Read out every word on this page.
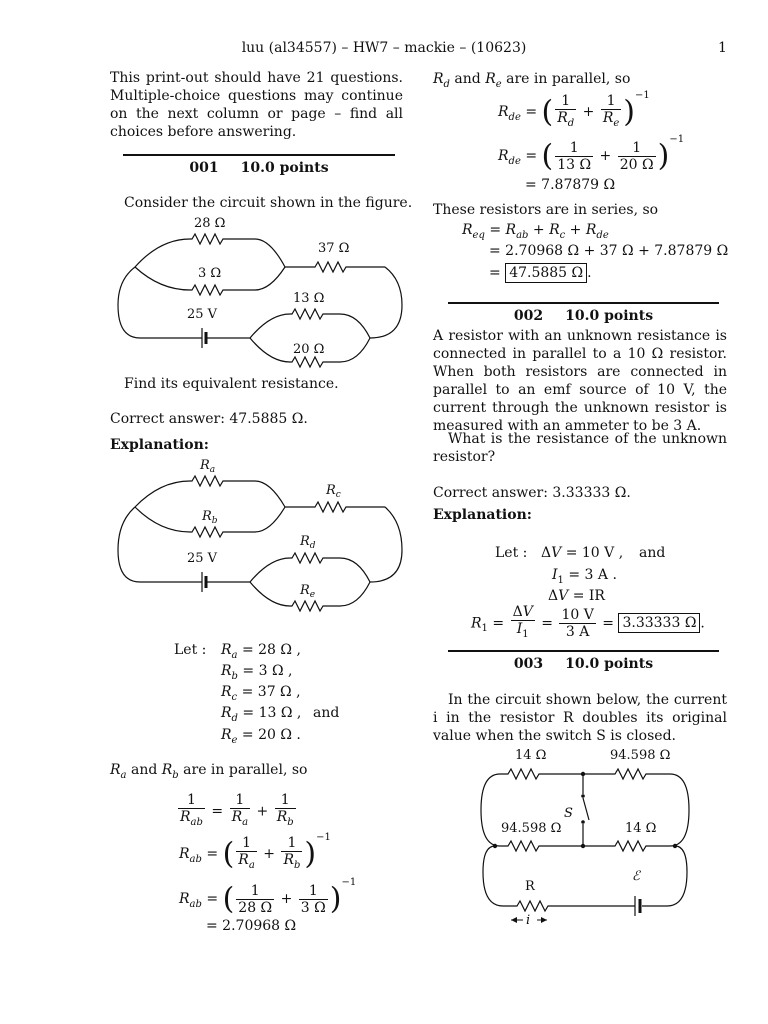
luu (al34557) – HW7 – mackie – (10623)	1
This print-out should have 21 questions. Multiple-choice questions may continue on the next column or page – find all choices before answering.
001 10.0 points
Consider the circuit shown in the figure.
28 Ω
3 Ω
37 Ω
13 Ω
20 Ω
25 V
Find its equivalent resistance.
Correct answer: 47.5885 Ω.
Explanation:
$R_a$
$R_b$
$R_c$
$R_d$
$R_e$
25 V
Let : $R_a = 28$ Ω ,
$R_b = 3$ Ω ,
$R_c = 37$ Ω ,
$R_d = 13$ Ω , and
$R_e = 20$ Ω .
$R_a$ and $R_b$ are in parallel, so
$\frac{1}{R_{ab}} = \frac{1}{R_a} + \frac{1}{R_b}$
$R_{ab}$ = ( $\frac{1}{R_a} + \frac{1}{R_b} )^{-1}$
$R_{ab}$ = ( $\frac{1}{28 \Omega} + \frac{1}{3 \Omega} )^{-1}$
= 2.70968 Ω
$R_d$ and $R_e$ are in parallel, so
$R_{de}$ = ( $\frac{1}{R_d} + \frac{1}{R_e} )^{-1}$
$R_{de}$ = ( $\frac{1}{13 \Omega} + \frac{1}{20 \Omega} )^{-1}$
= 7.87879 Ω
These resistors are in series, so
$R_{eq} = R_{ab} + R_c + R_{de}$
= 2.70968 Ω + 37 Ω + 7.87879 Ω
= 47.5885 Ω .
002 10.0 points
A resistor with an unknown resistance is connected in parallel to a 10 Ω resistor. When both resistors are connected in parallel to an emf source of 10 V, the current through the unknown resistor is measured with an ammeter to be 3 A.
What is the resistance of the unknown resistor?
Correct answer: 3.33333 Ω.
Explanation:
Let : ΔV = 10 V , and
$I_1 = 3$ A .
ΔV = IR
$R_1 = \frac{\Delta V}{I_1} = \frac{10 V}{3 A} = 3.33333$ Ω .
003 10.0 points
In the circuit shown below, the current i in the resistor R doubles its original value when the switch S is closed.
14 Ω	94.598 Ω
94.598 Ω	14 Ω
S
R
ℰ
i
